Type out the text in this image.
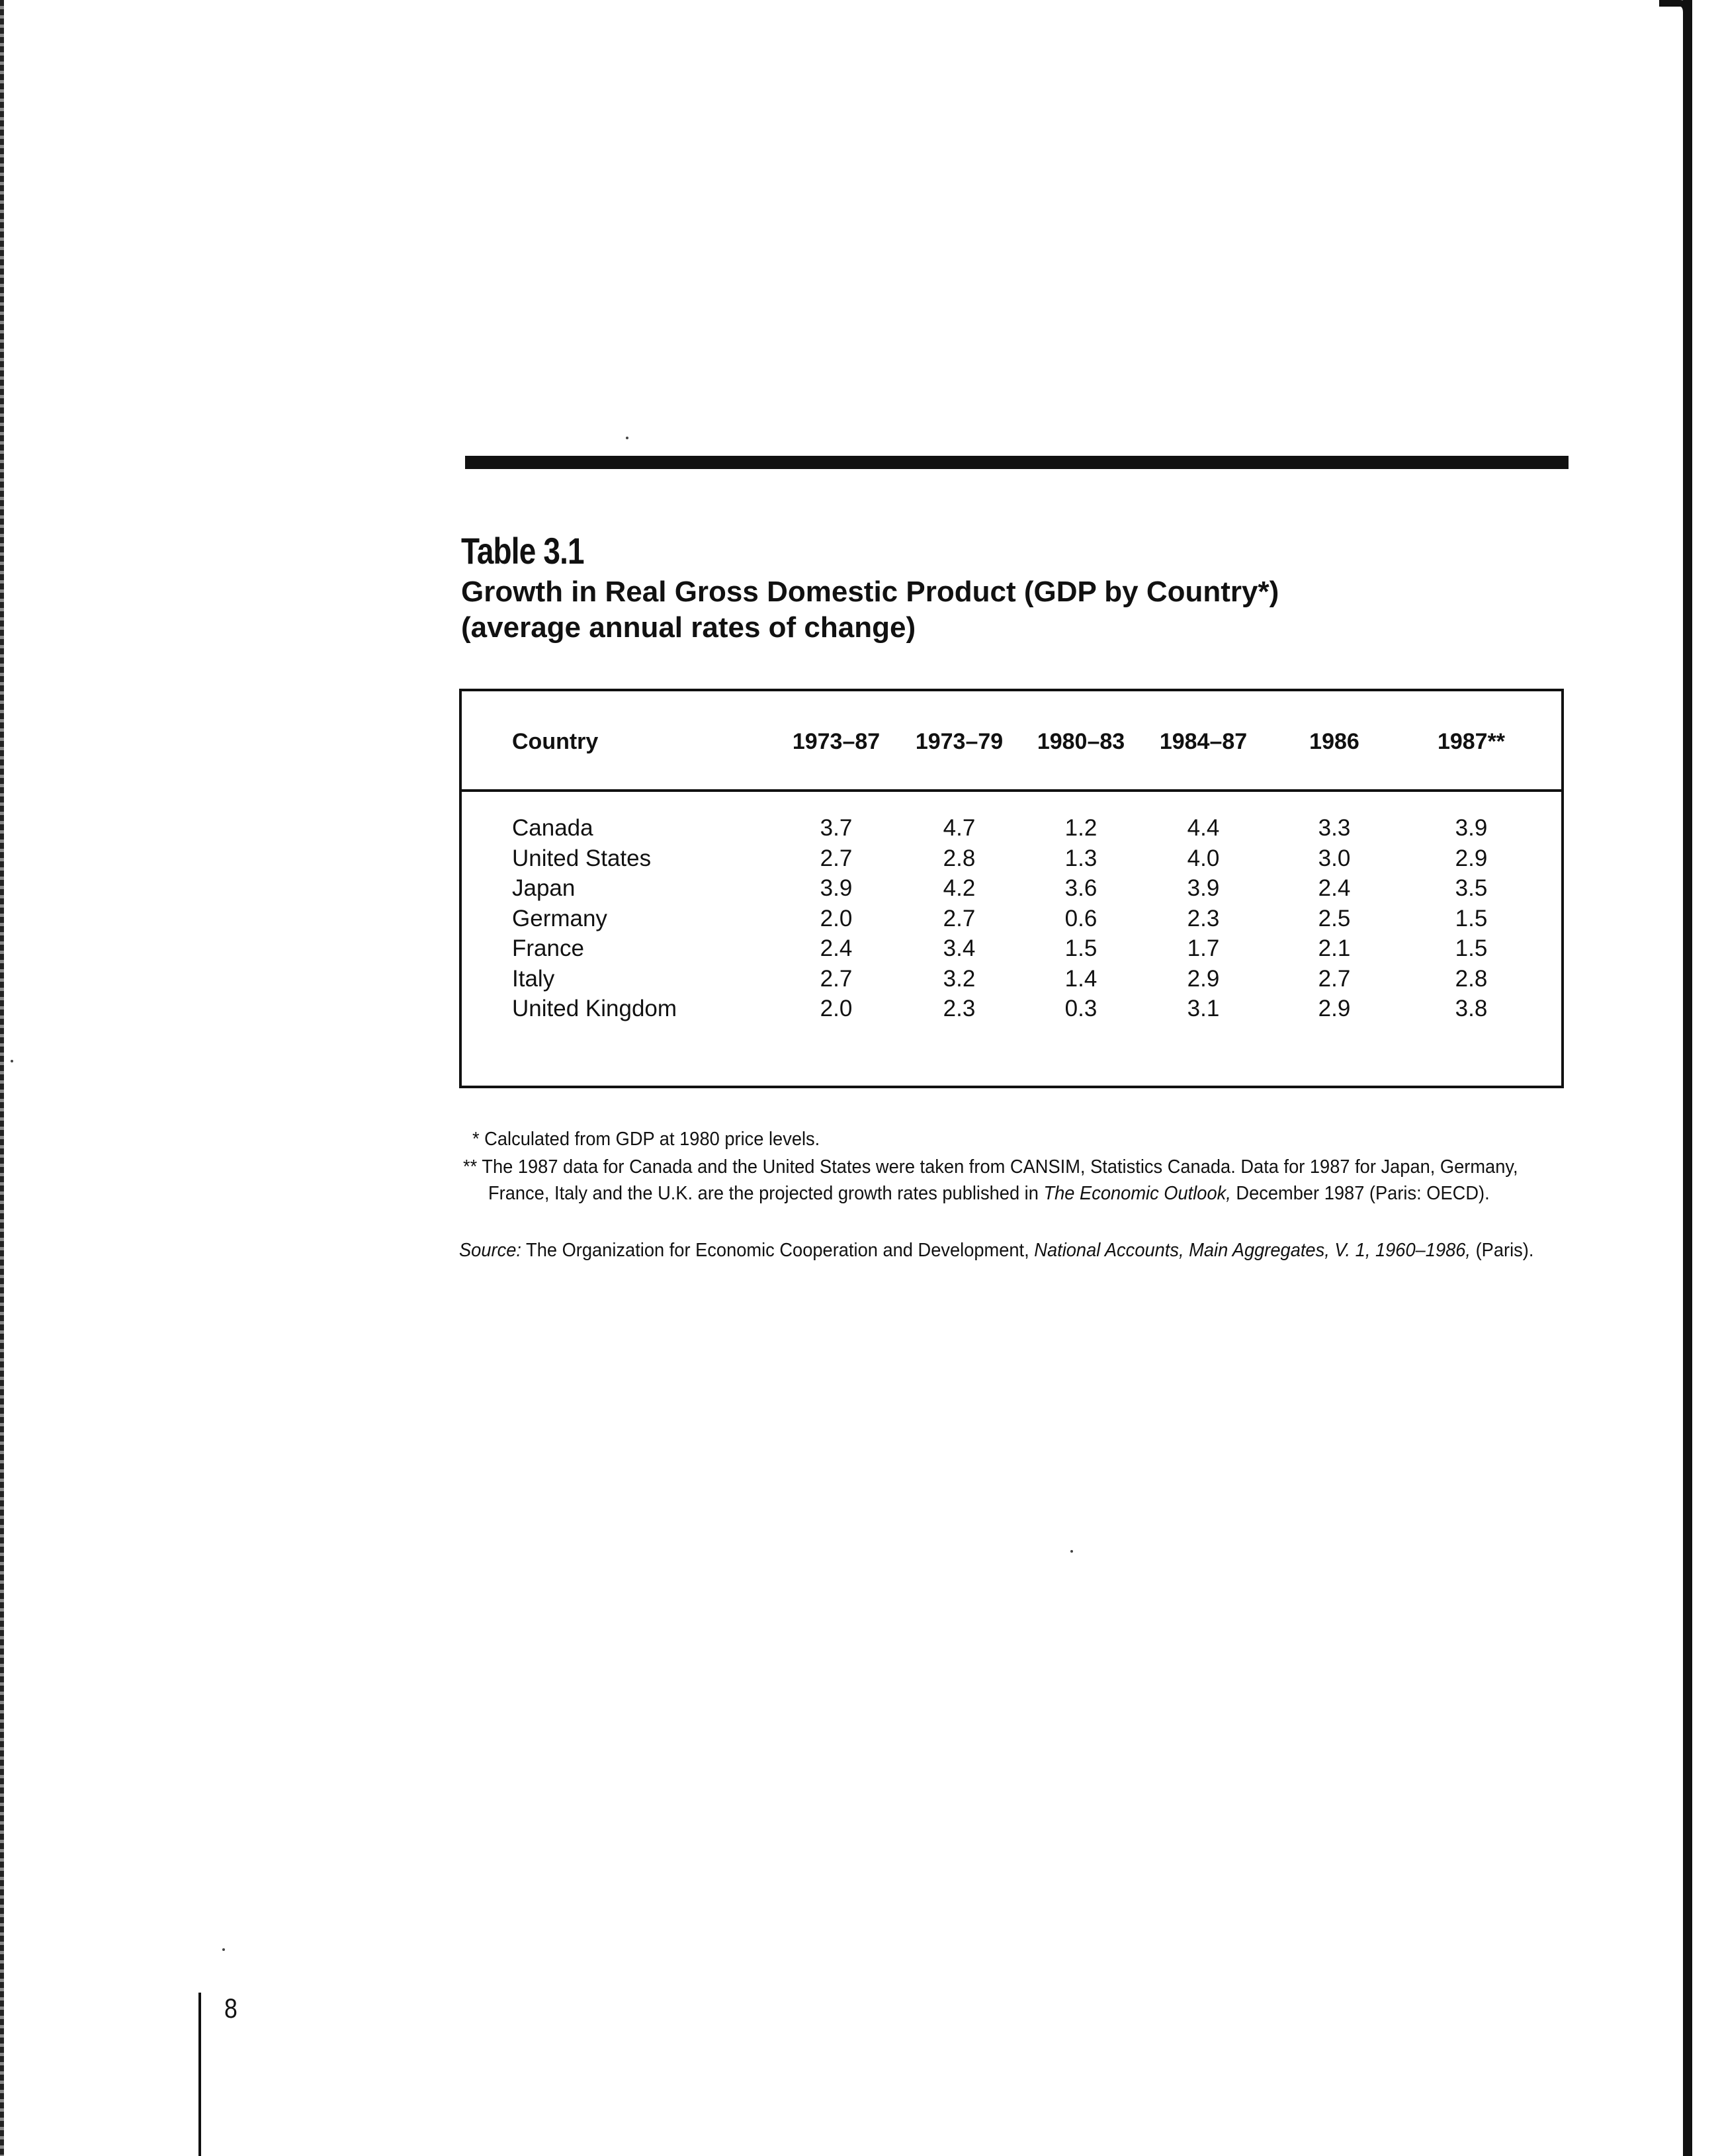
Table 3.1
Growth in Real Gross Domestic Product (GDP by Country*)
(average annual rates of change)
Country	1973–87 1973–79 1980–83 1984–87	1986	1987**
Canada	3.7	4.7	1.2	4.4	3.3	3.9
United States	2.7	2.8	1.3	4.0	3.0	2.9
Japan	3.9	4.2	3.6	3.9	2.4	3.5
Germany	2.0	2.7	0.6	2.3	2.5	1.5
France	2.4	3.4	1.5	1.7	2.1	1.5
Italy	2.7	3.2	1.4	2.9	2.7	2.8
United Kingdom	2.0	2.3	0.3	3.1	2.9	3.8
* Calculated from GDP at 1980 price levels.
** The 1987 data for Canada and the United States were taken from CANSIM, Statistics Canada. Data for 1987 for Japan, Germany,
France, Italy and the U.K. are the projected growth rates published in The Economic Outlook, December 1987 (Paris: OECD).
Source: The Organization for Economic Cooperation and Development, National Accounts, Main Aggregates, V. 1, 1960–1986, (Paris).
8
